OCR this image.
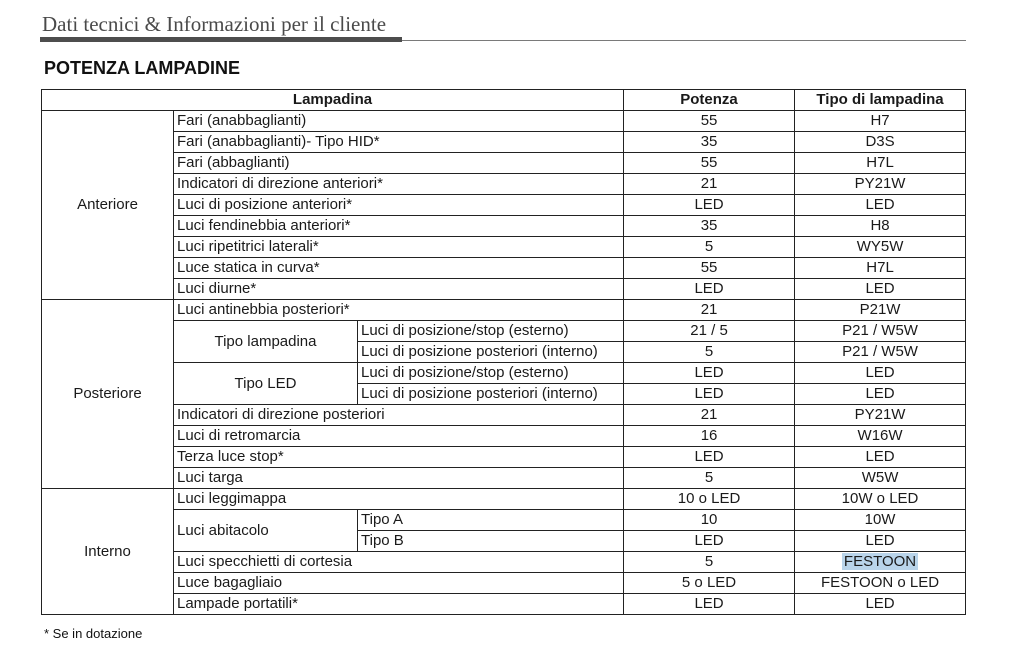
Dati tecnici & Informazioni per il cliente
POTENZA LAMPADINE
Lampadina			Potenza	Tipo di lampadina
Anteriore	Fari (anabbaglianti)		55	H7
	Fari (anabbaglianti)- Tipo HID*		35	D3S
	Fari (abbaglianti)		55	H7L
	Indicatori di direzione anteriori*		21	PY21W
	Luci di posizione anteriori*		LED	LED
	Luci fendinebbia anteriori*		35	H8
	Luci ripetitrici laterali*		5	WY5W
	Luce statica in curva*		55	H7L
	Luci diurne*		LED	LED
Posteriore	Luci antinebbia posteriori*		21	P21W
	Tipo lampadina	Luci di posizione/stop (esterno)	21 / 5	P21 / W5W
		Luci di posizione posteriori (interno)	5	P21 / W5W
	Tipo LED	Luci di posizione/stop (esterno)	LED	LED
		Luci di posizione posteriori (interno)	LED	LED
	Indicatori di direzione posteriori		21	PY21W
	Luci di retromarcia		16	W16W
	Terza luce stop*		LED	LED
	Luci targa		5	W5W
Interno	Luci leggimappa		10 o LED	10W o LED
	Luci abitacolo	Tipo A	10	10W
		Tipo B	LED	LED
	Luci specchietti di cortesia		5	FESTOON
	Luce bagagliaio		5 o LED	FESTOON o LED
	Lampade portatili*		LED	LED
* Se in dotazione
